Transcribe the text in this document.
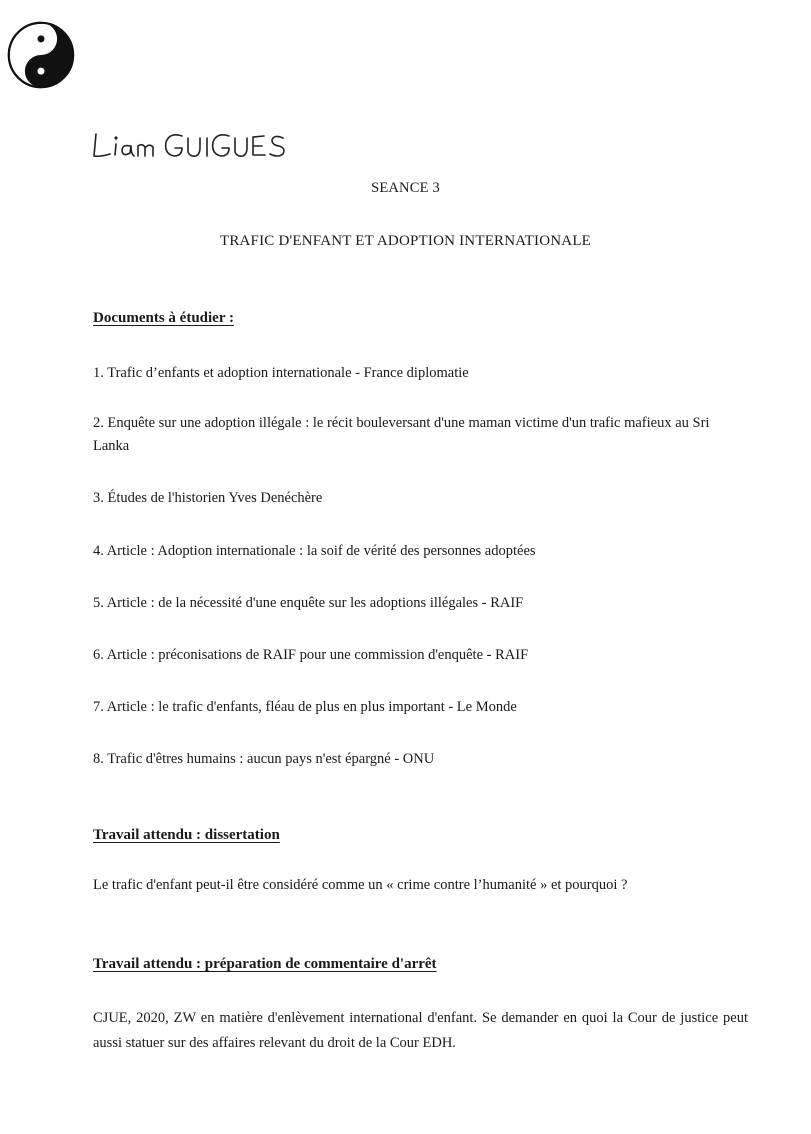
SEANCE 3
TRAFIC D'ENFANT ET ADOPTION INTERNATIONALE
Documents à étudier :
1. Trafic d’enfants et adoption internationale - France diplomatie
2. Enquête sur une adoption illégale : le récit bouleversant d'une maman victime d'un trafic mafieux au Sri Lanka
3. Études de l'historien Yves Denéchère
4. Article : Adoption internationale : la soif de vérité des personnes adoptées
5. Article : de la nécessité d'une enquête sur les adoptions illégales - RAIF
6. Article : préconisations de RAIF pour une commission d'enquête - RAIF
7. Article : le trafic d'enfants, fléau de plus en plus important - Le Monde
8. Trafic d'êtres humains : aucun pays n'est épargné - ONU
Travail attendu : dissertation
Le trafic d'enfant peut-il être considéré comme un « crime contre l’humanité » et pourquoi ?
Travail attendu : préparation de commentaire d'arrêt
CJUE, 2020, ZW en matière d'enlèvement international d'enfant. Se demander en quoi la Cour de justice peut aussi statuer sur des affaires relevant du droit de la Cour EDH.
